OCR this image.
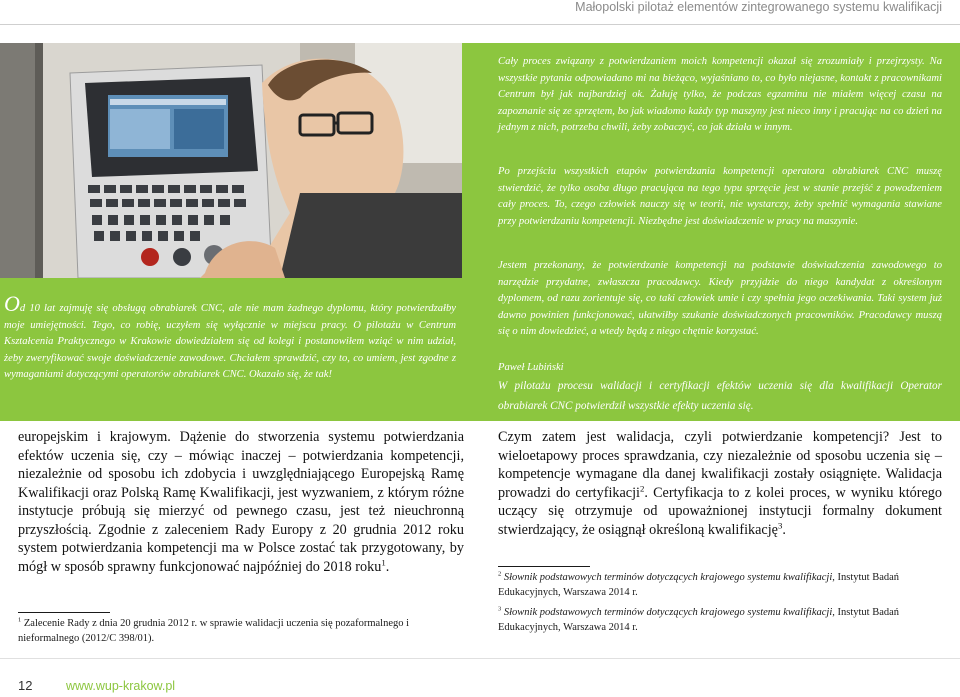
Małopolski pilotaż elementów zintegrowanego systemu kwalifikacji

Cały proces związany z potwierdzaniem moich kompetencji okazał się zrozumiały i przejrzysty. Na wszystkie pytania odpowiadano mi na bieżąco, wyjaśniano to, co było niejasne, kontakt z pracownikami Centrum był jak najbardziej ok. Żałuję tylko, że podczas egzaminu nie miałem więcej czasu na zapoznanie się ze sprzętem, bo jak wiadomo każdy typ maszyny jest nieco inny i pracując na co dzień na jednym z nich, potrzeba chwili, żeby zobaczyć, co jak działa w innym.

Po przejściu wszystkich etapów potwierdzania kompetencji operatora obrabiarek CNC muszę stwierdzić, że tylko osoba długo pracująca na tego typu sprzęcie jest w stanie przejść z powodzeniem cały proces. To, czego człowiek nauczy się w teorii, nie wystarczy, żeby spełnić wymagania stawiane przy potwierdzaniu kompetencji. Niezbędne jest doświadczenie w pracy na maszynie.

Jestem przekonany, że potwierdzanie kompetencji na podstawie doświadczenia zawodowego to narzędzie przydatne, zwłaszcza pracodawcy. Kiedy przyjdzie do niego kandydat z określonym dyplomem, od razu zorientuje się, co taki człowiek umie i czy spełnia jego oczekiwania. Taki system już dawno powinien funkcjonować, ułatwiłby szukanie doświadczonych pracowników. Pracodawcy muszą się o nim dowiedzieć, a wtedy będą z niego chętnie korzystać.

Paweł Lubiński

W pilotażu procesu walidacji i certyfikacji efektów uczenia się dla kwalifikacji Operator obrabiarek CNC potwierdził wszystkie efekty uczenia się.

Od 10 lat zajmuję się obsługą obrabiarek CNC, ale nie mam żadnego dyplomu, który potwierdzałby moje umiejętności. Tego, co robię, uczyłem się wyłącznie w miejscu pracy. O pilotażu w Centrum Kształcenia Praktycznego w Krakowie dowiedziałem się od kolegi i postanowiłem wziąć w nim udział, żeby zweryfikować swoje doświadczenie zawodowe. Chciałem sprawdzić, czy to, co umiem, jest zgodne z wymaganiami dotyczącymi operatorów obrabiarek CNC. Okazało się, że tak!

europejskim i krajowym. Dążenie do stworzenia systemu potwierdzania efektów uczenia się, czy – mówiąc inaczej – potwierdzania kompetencji, niezależnie od sposobu ich zdobycia i uwzględniającego Europejską Ramę Kwalifikacji oraz Polską Ramę Kwalifikacji, jest wyzwaniem, z którym różne instytucje próbują się mierzyć od pewnego czasu, jest też nieuchronną przyszłością. Zgodnie z zaleceniem Rady Europy z 20 grudnia 2012 roku system potwierdzania kompetencji ma w Polsce zostać tak przygotowany, by mógł w sposób sprawny funkcjonować najpóźniej do 2018 roku$^1$.

Czym zatem jest walidacja, czyli potwierdzanie kompetencji? Jest to wieloetapowy proces sprawdzania, czy niezależnie od sposobu uczenia się – kompetencje wymagane dla danej kwalifikacji zostały osiągnięte. Walidacja prowadzi do certyfikacji$^2$. Certyfikacja to z kolei proces, w wyniku którego uczący się otrzymuje od upoważnionej instytucji formalny dokument stwierdzający, że osiągnął określoną kwalifikację$^3$.

$^1$ Zalecenie Rady z dnia 20 grudnia 2012 r. w sprawie walidacji uczenia się pozaformalnego i nieformalnego (2012/C 398/01).

$^2$ Słownik podstawowych terminów dotyczących krajowego systemu kwalifikacji, Instytut Badań Edukacyjnych, Warszawa 2014 r.

$^3$ Słownik podstawowych terminów dotyczących krajowego systemu kwalifikacji, Instytut Badań Edukacyjnych, Warszawa 2014 r.

12	www.wup-krakow.pl
